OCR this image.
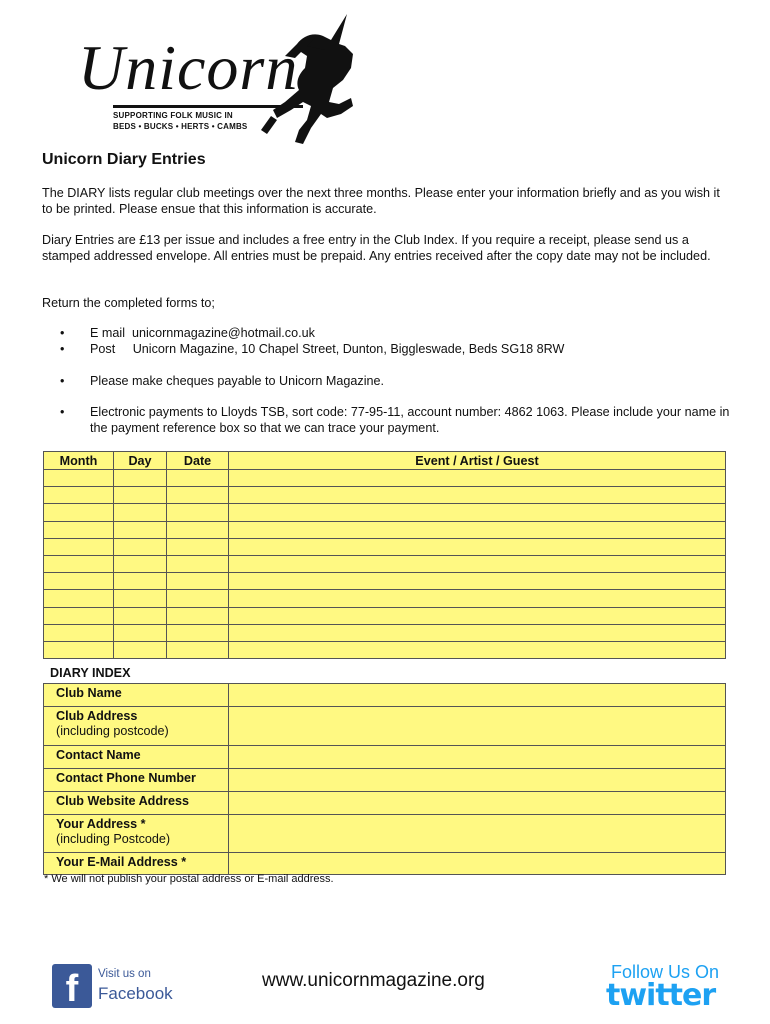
Unicorn
SUPPORTING FOLK MUSIC IN
BEDS • BUCKS • HERTS • CAMBS
Unicorn Diary Entries
The DIARY lists regular club meetings over the next three months. Please enter your information briefly and as you wish it to be printed. Please ensue that this information is accurate.
Diary Entries are £13 per issue and includes a free entry in the Club Index. If you require a receipt, please send us a stamped addressed envelope. All entries must be prepaid. Any entries received after the copy date may not be included.
Return the completed forms to;
•	E mail  unicornmagazine@hotmail.co.uk
•	Post     Unicorn Magazine, 10 Chapel Street, Dunton, Biggleswade, Beds SG18 8RW
•	Please make cheques payable to Unicorn Magazine.
•	Electronic payments to Lloyds TSB, sort code: 77-95-11, account number: 4862 1063. Please include your name in the payment reference box so that we can trace your payment.
Month	Day	Date	Event / Artist / Guest

DIARY INDEX
Club Name	
Club Address
(including postcode)	

Contact Name	
Contact Phone Number	
Club Website Address	
Your Address *
(including Postcode)	

Your E-Mail Address *	
* We will not publish your postal address or E-mail address.
f	Visit us on
Facebook
www.unicornmagazine.org	Follow Us On
twitter
